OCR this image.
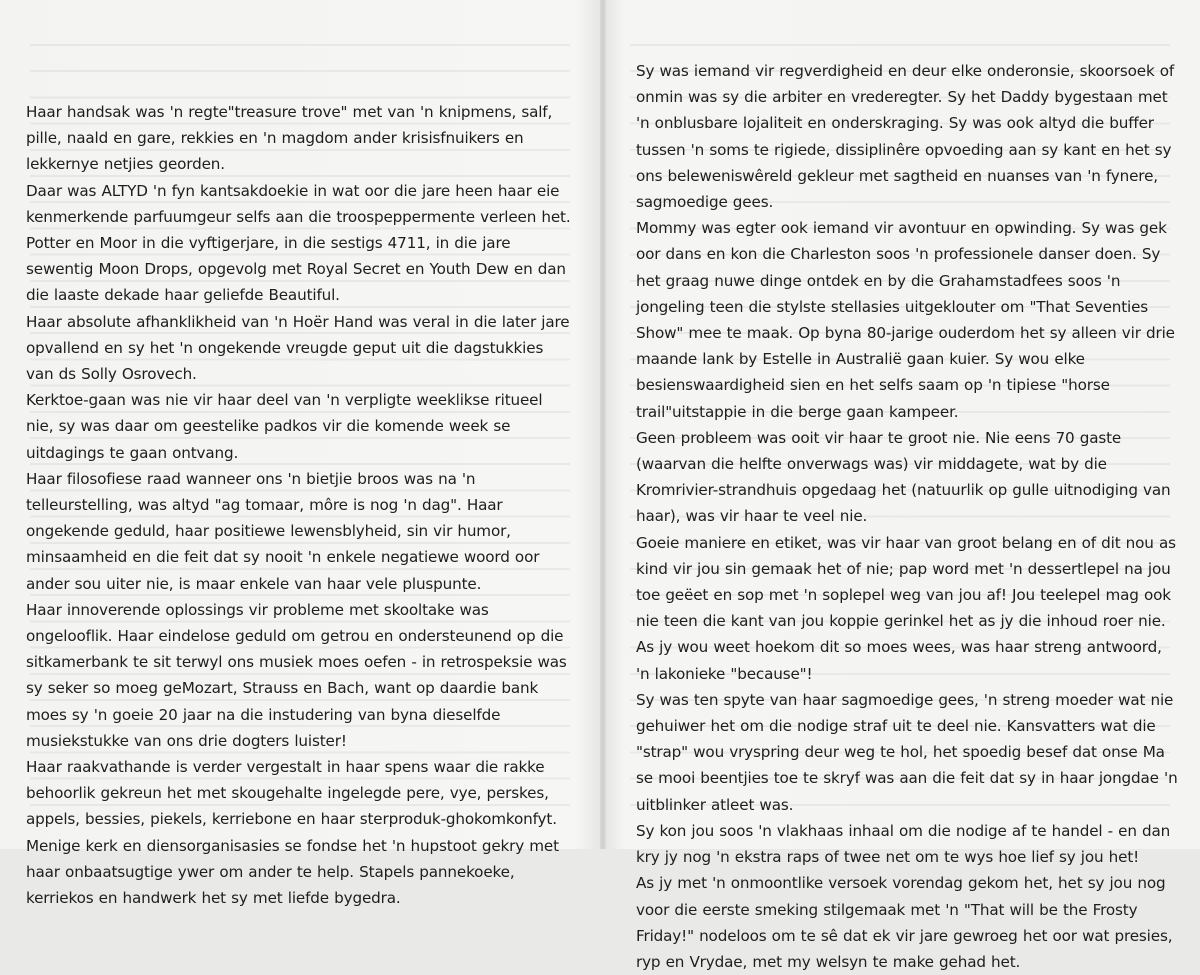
Haar handsak was 'n regte"treasure trove" met van 'n knipmens, salf, pille, naald en gare, rekkies en 'n magdom ander krisisfnuikers en lekkernye netjies georden.

Daar was ALTYD 'n fyn kantsakdoekie in wat oor die jare heen haar eie kenmerkende parfuumgeur selfs aan die troospeppermente verleen het. Potter en Moor in die vyftigerjare, in die sestigs 4711, in die jare sewentig Moon Drops, opgevolg met Royal Secret en Youth Dew en dan die laaste dekade haar geliefde Beautiful.

Haar absolute afhanklikheid van 'n Hoër Hand was veral in die later jare opvallend en sy het 'n ongekende vreugde geput uit die dagstukkies van ds Solly Osrovech.

Kerktoe-gaan was nie vir haar deel van 'n verpligte weeklikse ritueel nie, sy was daar om geestelike padkos vir die komende week se uitdagings te gaan ontvang.

Haar filosofiese raad wanneer ons 'n bietjie broos was na 'n telleurstelling, was altyd "ag tomaar, môre is nog 'n dag". Haar ongekende geduld, haar positiewe lewensblyheid, sin vir humor, minsaamheid en die feit dat sy nooit 'n enkele negatiewe woord oor ander sou uiter nie, is maar enkele van haar vele pluspunte.

Haar innoverende oplossings vir probleme met skooltake was ongelooflik. Haar eindelose geduld om getrou en ondersteunend op die sitkamerbank te sit terwyl ons musiek moes oefen - in retrospeksie was sy seker so moeg geMozart, Strauss en Bach, want op daardie bank moes sy 'n goeie 20 jaar na die instudering van byna dieselfde musiekstukke van ons drie dogters luister!

Haar raakvathande is verder vergestalt in haar spens waar die rakke behoorlik gekreun het met skougehalte ingelegde pere, vye, perskes, appels, bessies, piekels, kerriebone en haar sterproduk-ghokomkonfyt. Menige kerk en diensorganisasies se fondse het 'n hupstoot gekry met haar onbaatsugtige ywer om ander te help. Stapels pannekoeke, kerriekos en handwerk het sy met liefde bygedra.

Sy was iemand vir regverdigheid en deur elke onderonsie, skoorsoek of onmin was sy die arbiter en vrederegter. Sy het Daddy bygestaan met 'n onblusbare lojaliteit en onderskraging. Sy was ook altyd die buffer tussen 'n soms te rigiede, dissiplinêre opvoeding aan sy kant en het sy ons beleweniswêreld gekleur met sagtheid en nuanses van 'n fynere, sagmoedige gees.

Mommy was egter ook iemand vir avontuur en opwinding. Sy was gek oor dans en kon die Charleston soos 'n professionele danser doen. Sy het graag nuwe dinge ontdek en by die Grahamstadfees soos 'n jongeling teen die stylste stellasies uitgeklouter om "That Seventies Show" mee te maak. Op byna 80-jarige ouderdom het sy alleen vir drie maande lank by Estelle in Australië gaan kuier. Sy wou elke besienswaardigheid sien en het selfs saam op 'n tipiese "horse trail"uitstappie in die berge gaan kampeer.

Geen probleem was ooit vir haar te groot nie. Nie eens 70 gaste (waarvan die helfte onverwags was) vir middagete, wat by die Kromrivier-strandhuis opgedaag het (natuurlik op gulle uitnodiging van haar), was vir haar te veel nie.

Goeie maniere en etiket, was vir haar van groot belang en of dit nou as kind vir jou sin gemaak het of nie; pap word met 'n dessertlepel na jou toe geëet en sop met 'n soplepel weg van jou af! Jou teelepel mag ook nie teen die kant van jou koppie gerinkel het as jy die inhoud roer nie. As jy wou weet hoekom dit so moes wees, was haar streng antwoord, 'n lakonieke "because"!

Sy was ten spyte van haar sagmoedige gees, 'n streng moeder wat nie gehuiwer het om die nodige straf uit te deel nie. Kansvatters wat die "strap" wou vryspring deur weg te hol, het spoedig besef dat onse Ma se mooi beentjies toe te skryf was aan die feit dat sy in haar jongdae 'n uitblinker atleet was.

Sy kon jou soos 'n vlakhaas inhaal om die nodige af te handel - en dan kry jy nog 'n ekstra raps of twee net om te wys hoe lief sy jou het!

As jy met 'n onmoontlike versoek vorendag gekom het, het sy jou nog voor die eerste smeking stilgemaak met 'n "That will be the Frosty Friday!" nodeloos om te sê dat ek vir jare gewroeg het oor wat presies, ryp en Vrydae, met my welsyn te make gehad het.
